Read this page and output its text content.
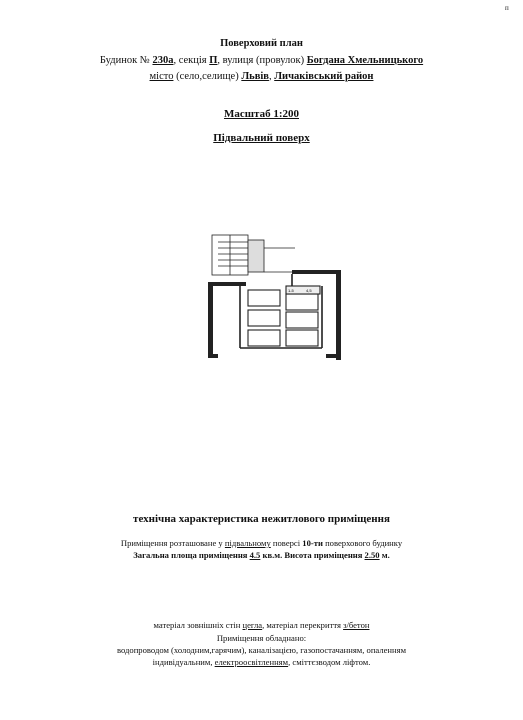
п
Поверховий план
Будинок № 230а, секція П, вулиця (провулок) Богдана Хмельницького
місто (село,селище) Львів, Личаківський район
Масштаб 1:200
Підвальний поверх
1-5	4,5
технічна характеристика нежитлового приміщення
Приміщення розташоване у підвальному поверсі 10-ти поверхового будинку
Загальна площа приміщення 4.5 кв.м. Висота приміщення 2.50 м.
матеріал зовнішніх стін цегла, матеріал перекриття з/бетон
Приміщення обладнано:
водопроводом (холодним,гарячим), каналізацією, газопостачанням, опаленням
індивідуальним, електроосвітленням, сміттєзводом ліфтом.
